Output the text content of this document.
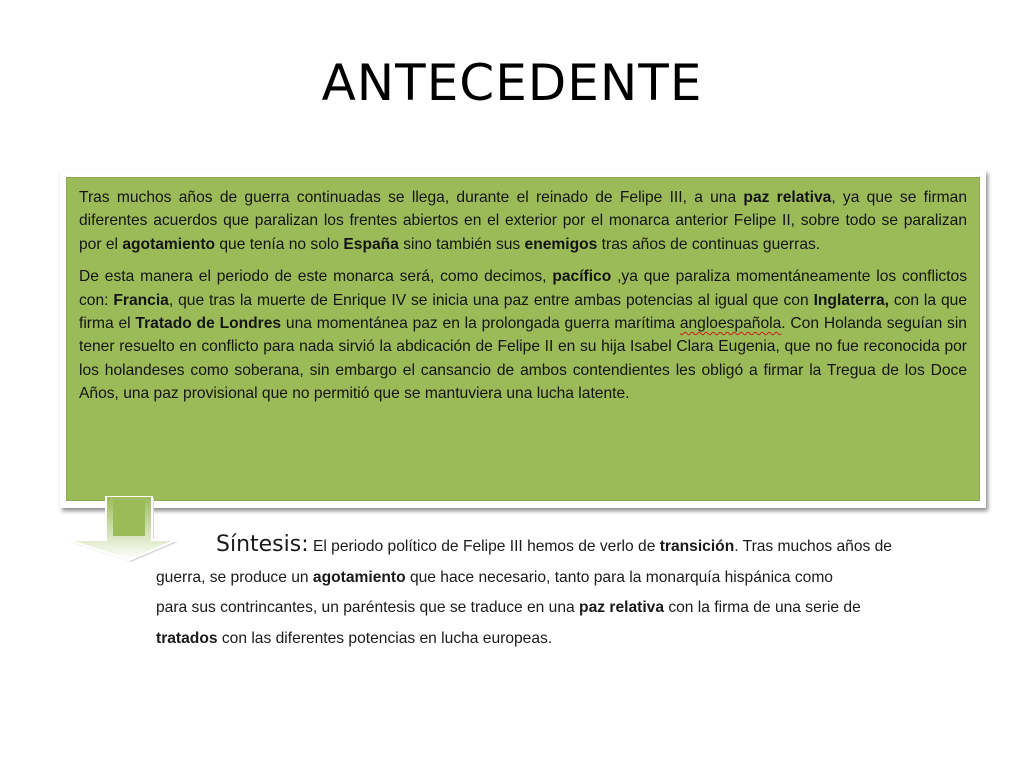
ANTECEDENTE

Tras muchos años de guerra continuadas se llega, durante el reinado de Felipe III, a una paz relativa, ya que se firman diferentes acuerdos que paralizan los frentes abiertos en el exterior por el monarca anterior Felipe II, sobre todo se paralizan por el agotamiento que tenía no solo España sino también sus enemigos tras años de continuas guerras.

De esta manera el periodo de este monarca será, como decimos, pacífico ,ya que paraliza momentáneamente los conflictos con: Francia, que tras la muerte de Enrique IV se inicia una paz entre ambas potencias al igual que con Inglaterra, con la que firma el Tratado de Londres una momentánea paz en la prolongada guerra marítima angloespañola. Con Holanda seguían sin tener resuelto en conflicto para nada sirvió la abdicación de Felipe II en su hija Isabel Clara Eugenia, que no fue reconocida por los holandeses como soberana, sin embargo el cansancio de ambos contendientes les obligó a firmar la Tregua de los Doce Años, una paz provisional que no permitió que se mantuviera una lucha latente.

Síntesis: El periodo político de Felipe III hemos de verlo de transición. Tras muchos años de
guerra, se produce un agotamiento que hace necesario, tanto para la monarquía hispánica como
para sus contrincantes, un paréntesis que se traduce en una paz relativa con la firma de una serie de
tratados con las diferentes potencias en lucha europeas.
